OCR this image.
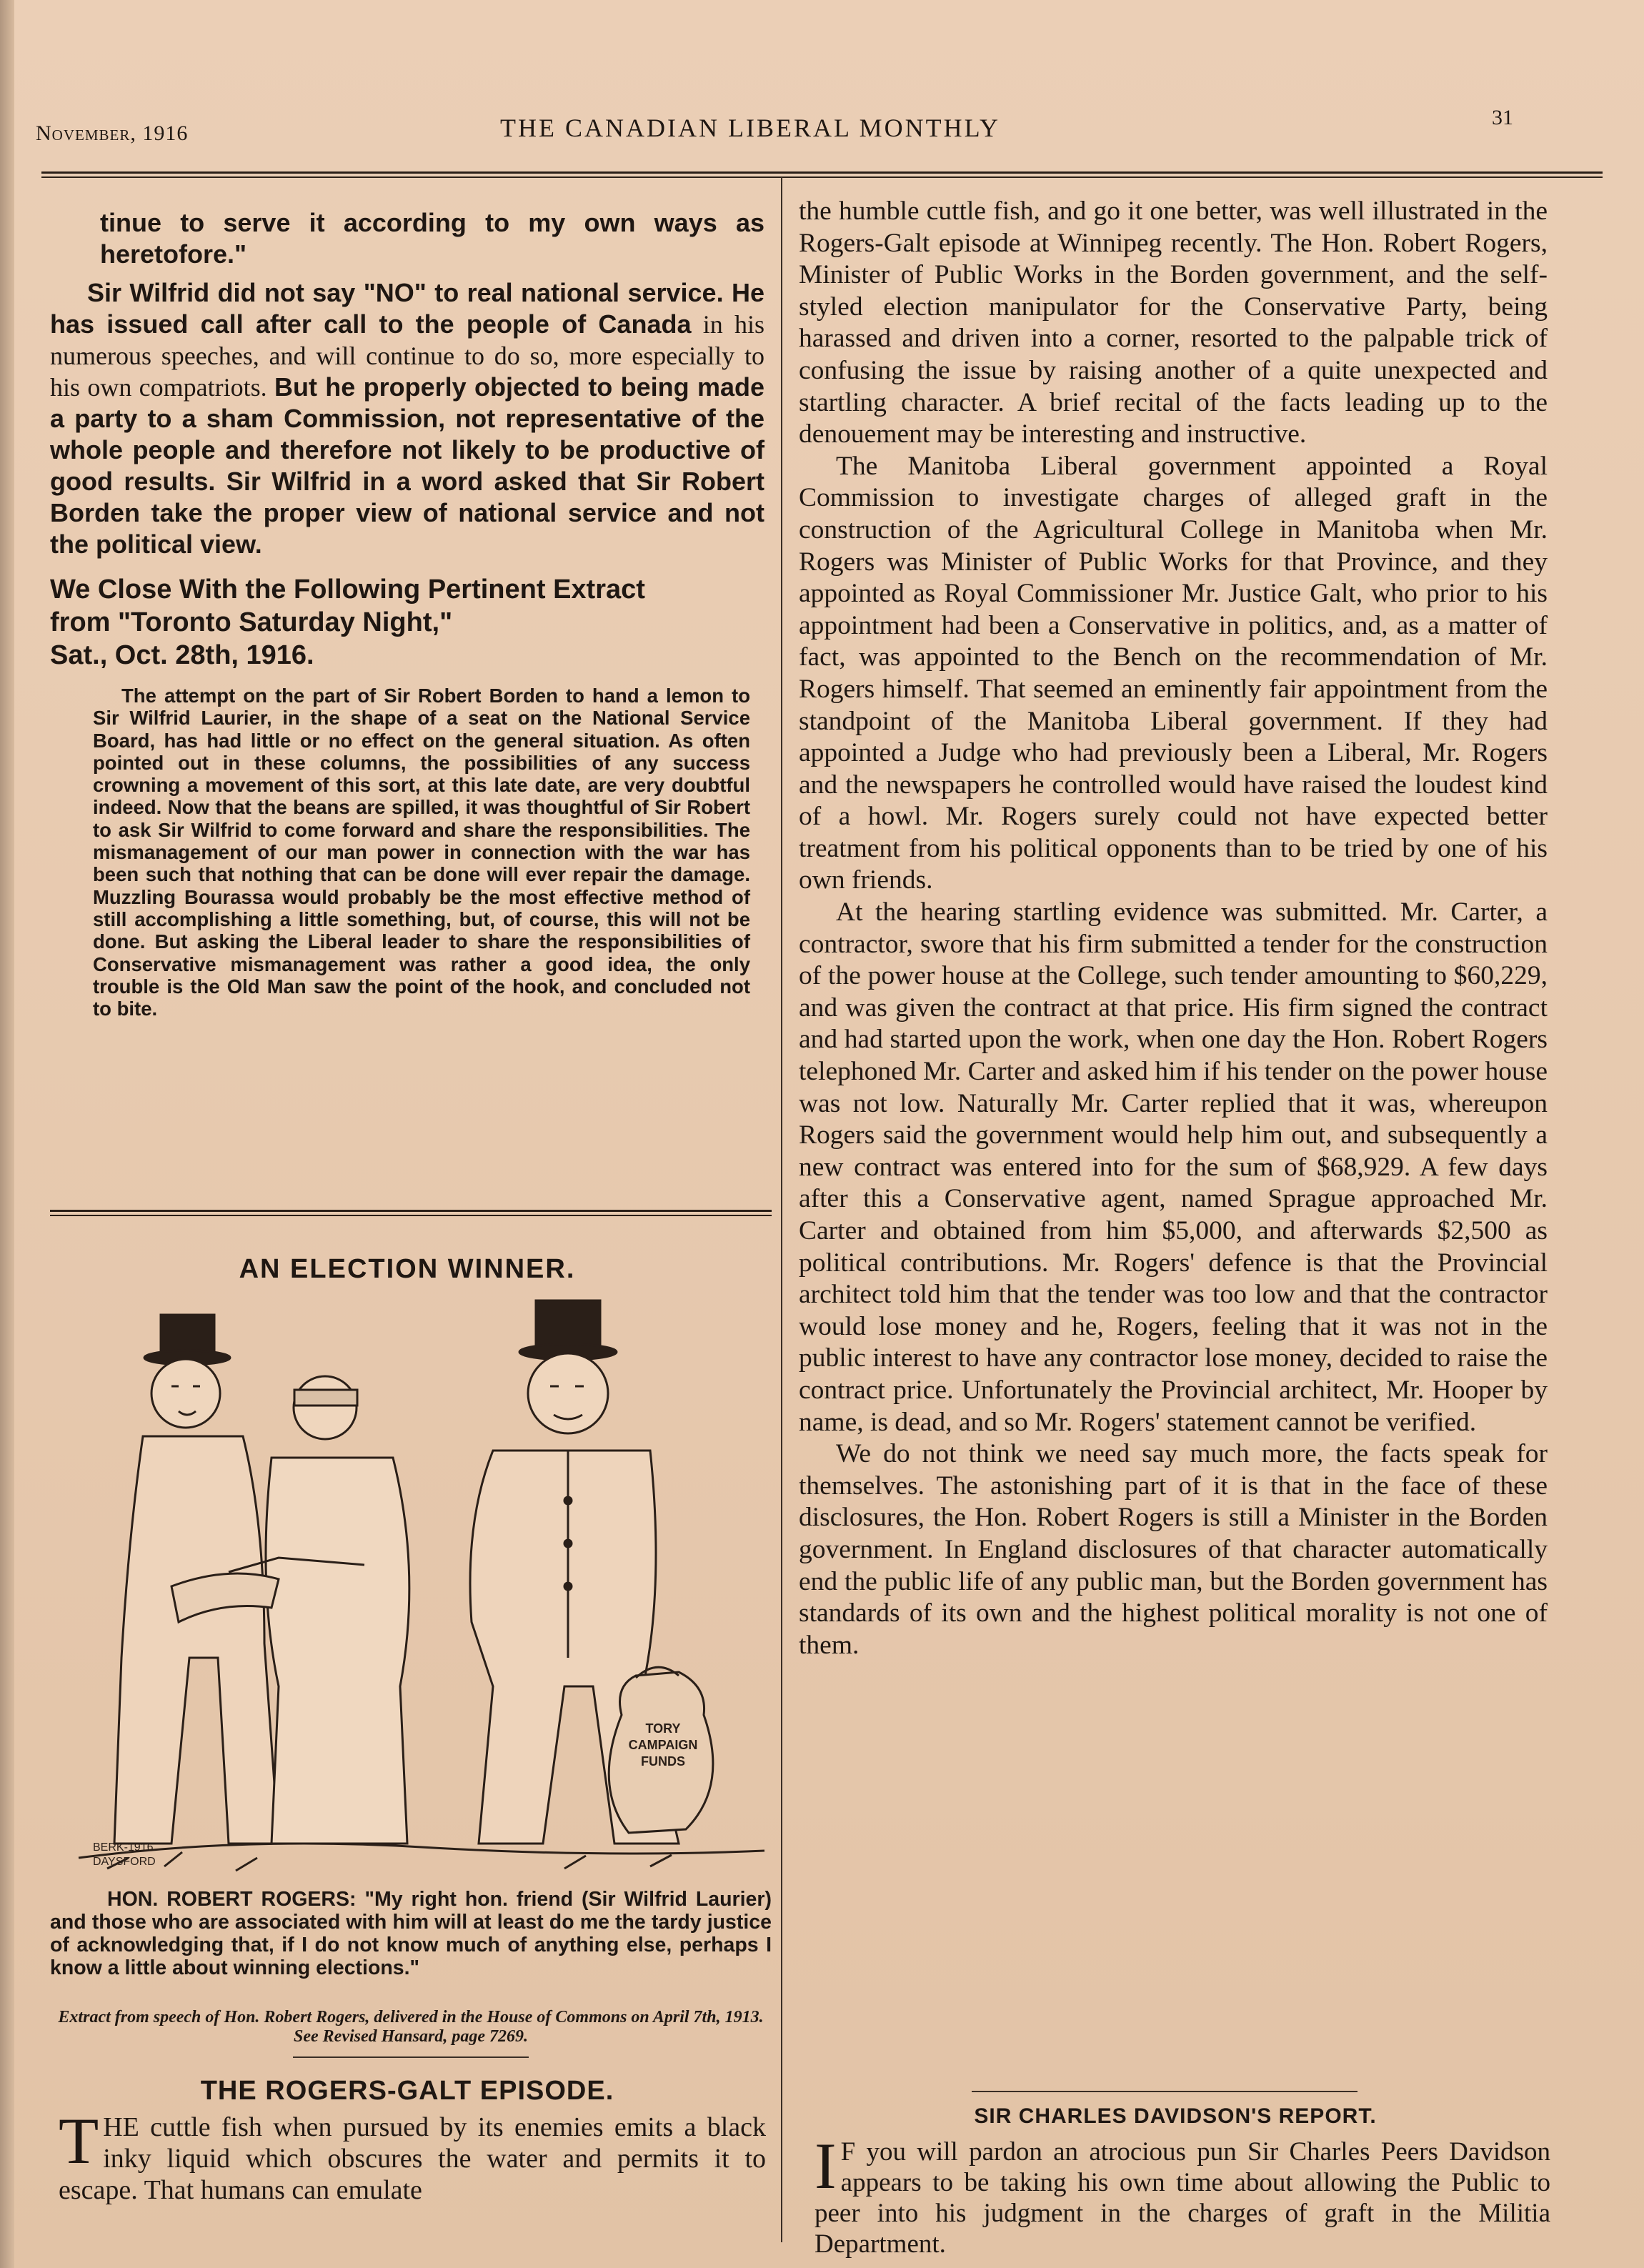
November, 1916	THE CANADIAN LIBERAL MONTHLY	31

tinue to serve it according to my own ways as heretofore."

Sir Wilfrid did not say "NO" to real national service. He has issued call after call to the people of Canada in his numerous speeches, and will continue to do so, more especially to his own compatriots. But he properly objected to being made a party to a sham Commission, not representative of the whole people and therefore not likely to be productive of good results. Sir Wilfrid in a word asked that Sir Robert Borden take the proper view of national service and not the political view.

We Close With the Following Pertinent Extract

from "Toronto Saturday Night,"

Sat., Oct. 28th, 1916.

The attempt on the part of Sir Robert Borden to hand a lemon to Sir Wilfrid Laurier, in the shape of a seat on the National Service Board, has had little or no effect on the general situation. As often pointed out in these columns, the possibilities of any success crowning a movement of this sort, at this late date, are very doubtful indeed. Now that the beans are spilled, it was thoughtful of Sir Robert to ask Sir Wilfrid to come forward and share the responsibilities. The mismanagement of our man power in connection with the war has been such that nothing that can be done will ever repair the damage. Muzzling Bourassa would probably be the most effective method of still accomplishing a little something, but, of course, this will not be done. But asking the Liberal leader to share the responsibilities of Conservative mismanagement was rather a good idea, the only trouble is the Old Man saw the point of the hook, and concluded not to bite.

AN ELECTION WINNER.
TORY
CAMPAIGN
FUNDS
BERK-1916
DAYSFORD
HON. ROBERT ROGERS: "My right hon. friend (Sir Wilfrid Laurier) and those who are associated with him will at least do me the tardy justice of acknowledging that, if I do not know much of anything else, perhaps I know a little about winning elections."
Extract from speech of Hon. Robert Rogers, delivered in the House of Commons on April 7th, 1913. See Revised Hansard, page 7269.
THE ROGERS-GALT EPISODE.

THE cuttle fish when pursued by its enemies emits a black inky liquid which obscures the water and permits it to escape. That humans can emulate

the humble cuttle fish, and go it one better, was well illustrated in the Rogers-Galt episode at Winnipeg recently. The Hon. Robert Rogers, Minister of Public Works in the Borden government, and the self-styled election manipulator for the Conservative Party, being harassed and driven into a corner, resorted to the palpable trick of confusing the issue by raising another of a quite unexpected and startling character. A brief recital of the facts leading up to the denouement may be interesting and instructive.

The Manitoba Liberal government appointed a Royal Commission to investigate charges of alleged graft in the construction of the Agricultural College in Manitoba when Mr. Rogers was Minister of Public Works for that Province, and they appointed as Royal Commissioner Mr. Justice Galt, who prior to his appointment had been a Conservative in politics, and, as a matter of fact, was appointed to the Bench on the recommendation of Mr. Rogers himself. That seemed an eminently fair appointment from the standpoint of the Manitoba Liberal government. If they had appointed a Judge who had previously been a Liberal, Mr. Rogers and the newspapers he controlled would have raised the loudest kind of a howl. Mr. Rogers surely could not have expected better treatment from his political opponents than to be tried by one of his own friends.

At the hearing startling evidence was submitted. Mr. Carter, a contractor, swore that his firm submitted a tender for the construction of the power house at the College, such tender amounting to $60,229, and was given the contract at that price. His firm signed the contract and had started upon the work, when one day the Hon. Robert Rogers telephoned Mr. Carter and asked him if his tender on the power house was not low. Naturally Mr. Carter replied that it was, whereupon Rogers said the government would help him out, and subsequently a new contract was entered into for the sum of $68,929. A few days after this a Conservative agent, named Sprague approached Mr. Carter and obtained from him $5,000, and afterwards $2,500 as political contributions. Mr. Rogers' defence is that the Provincial architect told him that the tender was too low and that the contractor would lose money and he, Rogers, feeling that it was not in the public interest to have any contractor lose money, decided to raise the contract price. Unfortunately the Provincial architect, Mr. Hooper by name, is dead, and so Mr. Rogers' statement cannot be verified.

We do not think we need say much more, the facts speak for themselves. The astonishing part of it is that in the face of these disclosures, the Hon. Robert Rogers is still a Minister in the Borden government. In England disclosures of that character automatically end the public life of any public man, but the Borden government has standards of its own and the highest political morality is not one of them.

SIR CHARLES DAVIDSON'S REPORT.

I F you will pardon an atrocious pun Sir Charles Peers Davidson appears to be taking his own time about allowing the Public to peer into his judgment in the charges of graft in the Militia Department.
